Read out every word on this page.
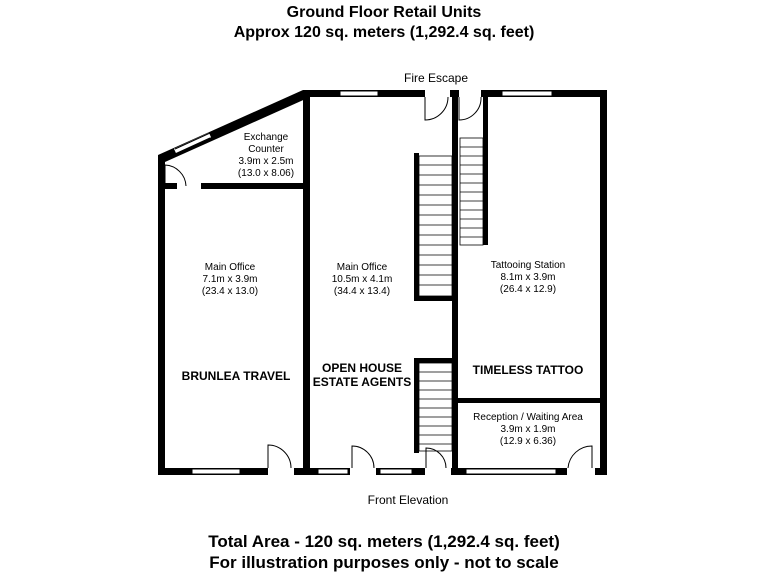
Ground Floor Retail Units
Approx 120 sq. meters (1,292.4 sq. feet)
Fire Escape
Front Elevation
Exchange
Counter
3.9m x 2.5m
(13.0 x 8.06)
Main Office
7.1m x 3.9m
(23.4 x 13.0)
BRUNLEA TRAVEL
Main Office
10.5m x 4.1m
(34.4 x 13.4)
OPEN HOUSE
ESTATE AGENTS
Tattooing Station
8.1m x 3.9m
(26.4 x 12.9)
TIMELESS TATTOO
Reception / Waiting Area
3.9m x 1.9m
(12.9 x 6.36)
Total Area - 120 sq. meters (1,292.4 sq. feet)
For illustration purposes only - not to scale
